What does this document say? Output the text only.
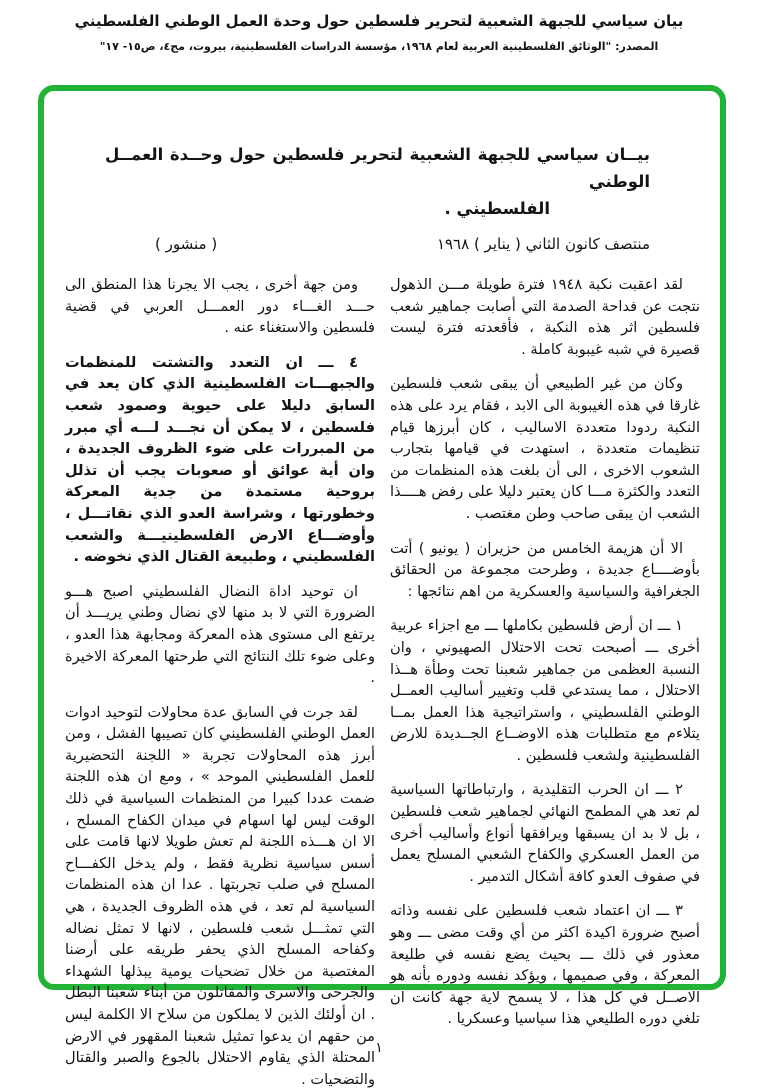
بيان سياسي للجبهة الشعبية لتحرير فلسطين حول وحدة العمل الوطني الفلسطيني
المصدر: "الوثائق الفلسطينية العربية لعام ١٩٦٨، مؤسسة الدراسات الفلسطينية، بيروت، مج٤، ص١٥- ١٧"
بيــان سياسي للجبهة الشعبية لتحرير فلسطين حول وحــدة العمــل الوطني
الفلسطيني .
منتصف كانون الثاني ( يناير ) ١٩٦٨
( منشور )

لقد اعقبت نكبة ١٩٤٨ فترة طويلة مـــن الذهول نتجت عن فداحة الصدمة التي أصابت جماهير شعب فلسطين اثر هذه النكبة ، فأقعدته فترة ليست قصيرة في شبه غيبوبة كاملة .

وكان من غير الطبيعي أن يبقى شعب فلسطين غارقا في هذه الغيبوبة الى الابد ، فقام يرد على هذه النكبة ردودا متعددة الاساليب ، كان أبرزها قيام تنظيمات متعددة ، استهدت في قيامها بتجارب الشعوب الاخرى ، الى أن بلغت هذه المنظمات من التعدد والكثرة مـــا كان يعتبر دليلا على رفض هــــذا الشعب ان يبقى صاحب وطن مغتصب .

الا أن هزيمة الخامس من حزيران ( يونيو ) أتت بأوضــــاع جديدة ، وطرحت مجموعة من الحقائق الجغرافية والسياسية والعسكرية من اهم نتائجها :

١ ـــ ان أرض فلسطين بكاملها ـــ مع اجزاء عربية أخرى ـــ أصبحت تحت الاحتلال الصهيوني ، وان النسبة العظمى من جماهير شعبنا تحت وطأة هــذا الاحتلال ، مما يستدعي قلب وتغيير أساليب العمــل الوطني الفلسطيني ، واستراتيجية هذا العمل بمــا يتلاءم مع متطلبات هذه الاوضــاع الجــديدة للارض الفلسطينية ولشعب فلسطين .

٢ ـــ ان الحرب التقليدية ، وارتباطاتها السياسية لم تعد هي المطمح النهائي لجماهير شعب فلسطين ، بل لا بد ان يسبقها ويرافقها أنواع وأساليب أخرى من العمل العسكري والكفاح الشعبي المسلح يعمل في صفوف العدو كافة أشكال التدمير .

٣ ـــ ان اعتماد شعب فلسطين على نفسه وذاته أصبح ضرورة اكيدة اكثر من أي وقت مضى ـــ وهو معذور في ذلك ـــ بحيث يضع نفسه في طليعة المعركة ، وفي صميمها ، ويؤكد نفسه ودوره بأنه هو الاصــل في كل هذا ، لا يسمح لاية جهة كانت ان تلغي دوره الطليعي هذا سياسيا وعسكريا .

ومن جهة أخرى ، يجب الا يجرنا هذا المنطق الى حـــد الغـــاء دور العمـــل العربي في قضية فلسطين والاستغناء عنه .

٤ ـــ ان التعدد والتشتت للمنظمات والجبهـــات الفلسطينية الذي كان يعد في السابق دليلا على حيوية وصمود شعب فلسطين ، لا يمكن أن نجـــد لـــه أي مبرر من المبررات على ضوء الظروف الجديدة ، وان أية عوائق أو صعوبات يجب أن تذلل بروحية مستمدة من جدية المعركة وخطورتها ، وشراسة العدو الذي نقاتـــل ، وأوضـــاع الارض الفلسطينيـــة والشعب الفلسطيني ، وطبيعة القتال الذي نخوضه .

ان توحيد اداة النضال الفلسطيني اصبح هـــو الضرورة التي لا بد منها لاي نضال وطني يريـــد أن يرتفع الى مستوى هذه المعركة ومجابهة هذا العدو ، وعلى ضوء تلك النتائج التي طرحتها المعركة الاخيرة .

لقد جرت في السابق عدة محاولات لتوحيد ادوات العمل الوطني الفلسطيني كان تصيبها الفشل ، ومن أبرز هذه المحاولات تجربة « اللجنة التحضيرية للعمل الفلسطيني الموحد » ، ومع ان هذه اللجنة ضمت عددا كبيرا من المنظمات السياسية في ذلك الوقت ليس لها اسهام في ميدان الكفاح المسلح ، الا ان هـــذه اللجنة لم تعش طويلا لانها قامت على أسس سياسية نظرية فقط ، ولم يدخل الكفـــاح المسلح في صلب تجربتها . عدا ان هذه المنظمات السياسية لم تعد ، في هذه الظروف الجديدة ، هي التي تمثـــل شعب فلسطين ، لانها لا تمثل نضاله وكفاحه المسلح الذي يحفر طريقه على أرضنا المغتصبة من خلال تضحيات يومية يبذلها الشهداء والجرحى والاسرى والمقاتلون من أبناء شعبنا البطل . ان أولئك الذين لا يملكون من سلاح الا الكلمة ليس من حقهم ان يدعوا تمثيل شعبنا المقهور في الارض المحتلة الذي يقاوم الاحتلال بالجوع والصبر والقتال والتضحيات .

١
